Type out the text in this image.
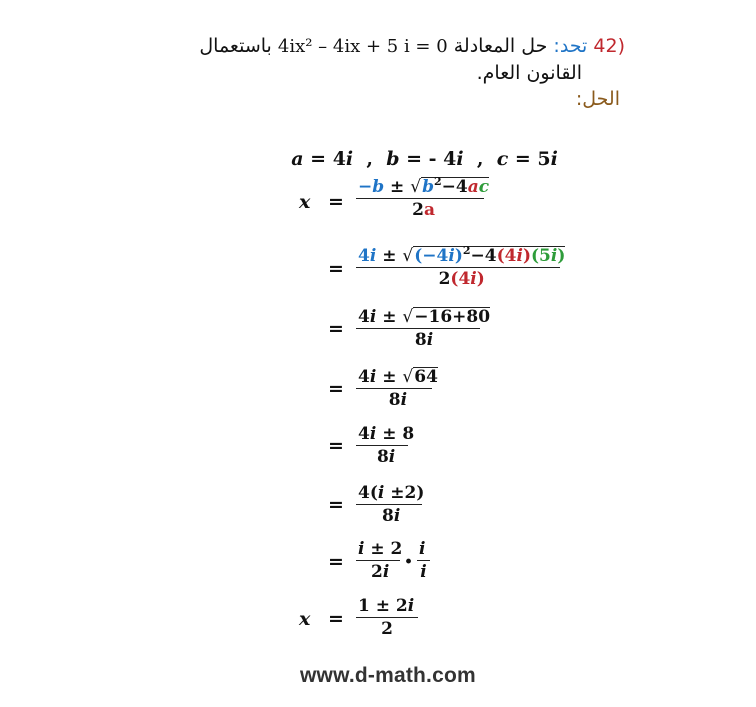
42) تحد: حل المعادلة 4ix² – 4ix + 5 i = 0 باستعمال
القانون العام.
الحل:

a = 4i  ,  b = - 4i  ,  c = 5i

x =
$-b \pm √b^2-4ac$
2a
=
$4i \pm √(-4i)^2-4(4i)(5i)$
2(4i)
=
4i ± √−16+80
8i
=
4i ± √64
8i
=
4i ± 8
8i
=
4(i ±2)
8i
=
i ± 2
2i · i
i
x =
1 ± 2i
2
www.d-math.com
